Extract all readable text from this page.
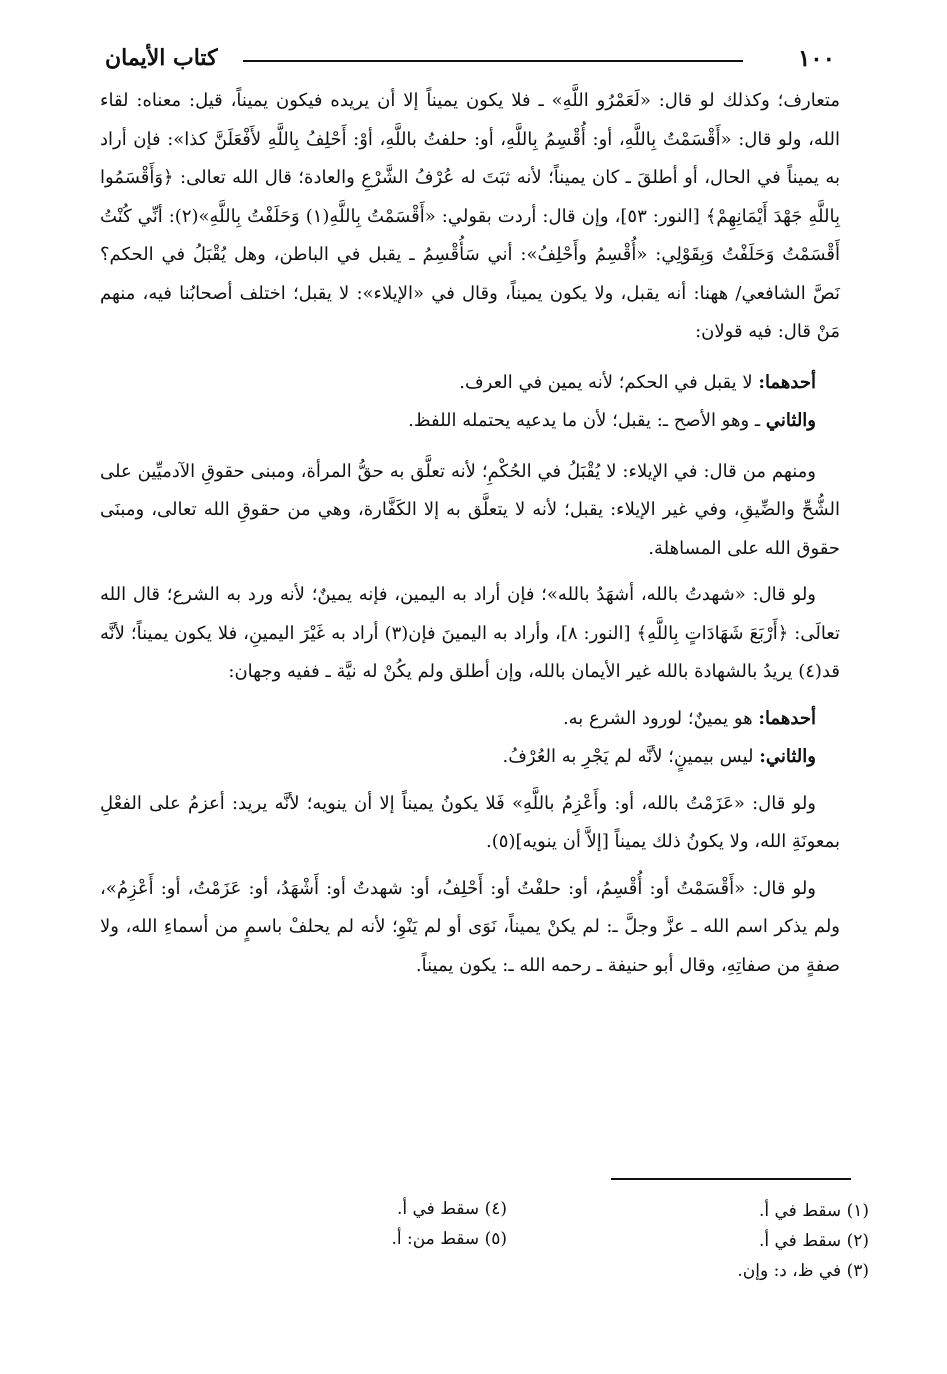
١٠٠
كتاب الأيمان

متعارف؛ وكذلك لو قال: «لَعَمْرُو اللَّهِ» ـ فلا يكون يميناً إلا أن يريده فيكون يميناً، قيل: معناه: لقاء الله، ولو قال: «أَقْسَمْتُ بِاللَّهِ، أو: أُقْسِمُ بِاللَّهِ، أو: حلفتُ باللَّهِ، أوْ: أَحْلِفُ بِاللَّهِ لأَفْعَلَنَّ كذا»: فإن أراد به يميناً في الحال، أو أطلقَ ـ كان يميناً؛ لأنه ثبَتَ له عُرْفُ الشَّرْعِ والعادة؛ قال الله تعالى: ﴿وَأَقْسَمُوا بِاللَّهِ جَهْدَ أَيْمَانِهِمْ﴾ [النور: ٥٣]، وإن قال: أردت بقولي: «أَقْسَمْتُ بِاللَّهِ(١) وَحَلَفْتُ بِاللَّهِ»(٢): أنِّي كُنْتُ أَقْسَمْتُ وَحَلَفْتُ وَبِقَوْلِي: «أُقْسِمُ وأَحْلِفُ»: أني سَأُقْسِمُ ـ يقبل في الباطن، وهل يُقْبَلُ في الحكم؟ نَصَّ الشافعي/ ههنا: أنه يقبل، ولا يكون يميناً، وقال في «الإيلاء»: لا يقبل؛ اختلف أصحابُنا فيه، منهم مَنْ قال: فيه قولان:

أحدهما: لا يقبل في الحكم؛ لأنه يمين في العرف.

والثاني ـ وهو الأصح ـ: يقبل؛ لأن ما يدعيه يحتمله اللفظ.

ومنهم من قال: في الإيلاء: لا يُقْبَلُ في الحُكْمِ؛ لأنه تعلَّق به حقُّ المرأة، ومبنى حقوقِ الآدميِّين على الشُّحِّ والضِّيقِ، وفي غير الإيلاء: يقبل؛ لأنه لا يتعلَّق به إلا الكَفَّارة، وهي من حقوقِ الله تعالى، ومبنَى حقوق الله على المساهلة.

ولو قال: «شهدتُ بالله، أشهَدُ بالله»؛ فإن أراد به اليمين، فإنه يمينٌ؛ لأنه ورد به الشرع؛ قال الله تعالَى: ﴿أَرْبَعَ شَهَادَاتٍ بِاللَّهِ﴾ [النور: ٨]، وأراد به اليمينَ فإن(٣) أراد به غَيْرَ اليمينِ، فلا يكون يميناً؛ لأنَّه قد(٤) يريدُ بالشهادة بالله غير الأيمان بالله، وإن أطلق ولم يكُنْ له نيَّة ـ ففيه وجهان:

أحدهما: هو يمينٌ؛ لورود الشرع به.

والثاني: ليس بيمينٍ؛ لأنَّه لم يَجْرِ به العُرْفُ.

ولو قال: «عَزَمْتُ بالله، أو: وأَعْزِمُ باللَّهِ» فَلا يكونُ يميناً إلا أن ينويه؛ لأنَّه يريد: أعزمُ على الفعْلِ بمعونَةِ الله، ولا يكونُ ذلك يميناً [إلاَّ أن ينويه](٥).

ولو قال: «أَقْسَمْتُ أو: أُقْسِمُ، أو: حلفْتُ أو: أَحْلِفُ، أو: شهدتُ أو: أَشْهَدُ، أو: عَزَمْتُ، أو: أَعْزِمُ»، ولم يذكر اسم الله ـ عزَّ وجلَّ ـ: لم يكنْ يميناً، نَوَى أو لم يَنْوِ؛ لأنه لم يحلفْ باسمٍ من أسماءِ الله، ولا صفةٍ من صفاتِهِ، وقال أبو حنيفة ـ رحمه الله ـ: يكون يميناً.

(١) سقط في أ.
(٢) سقط في أ.
(٣) في ظ، د: وإن.
(٤) سقط في أ.
(٥) سقط من: أ.
